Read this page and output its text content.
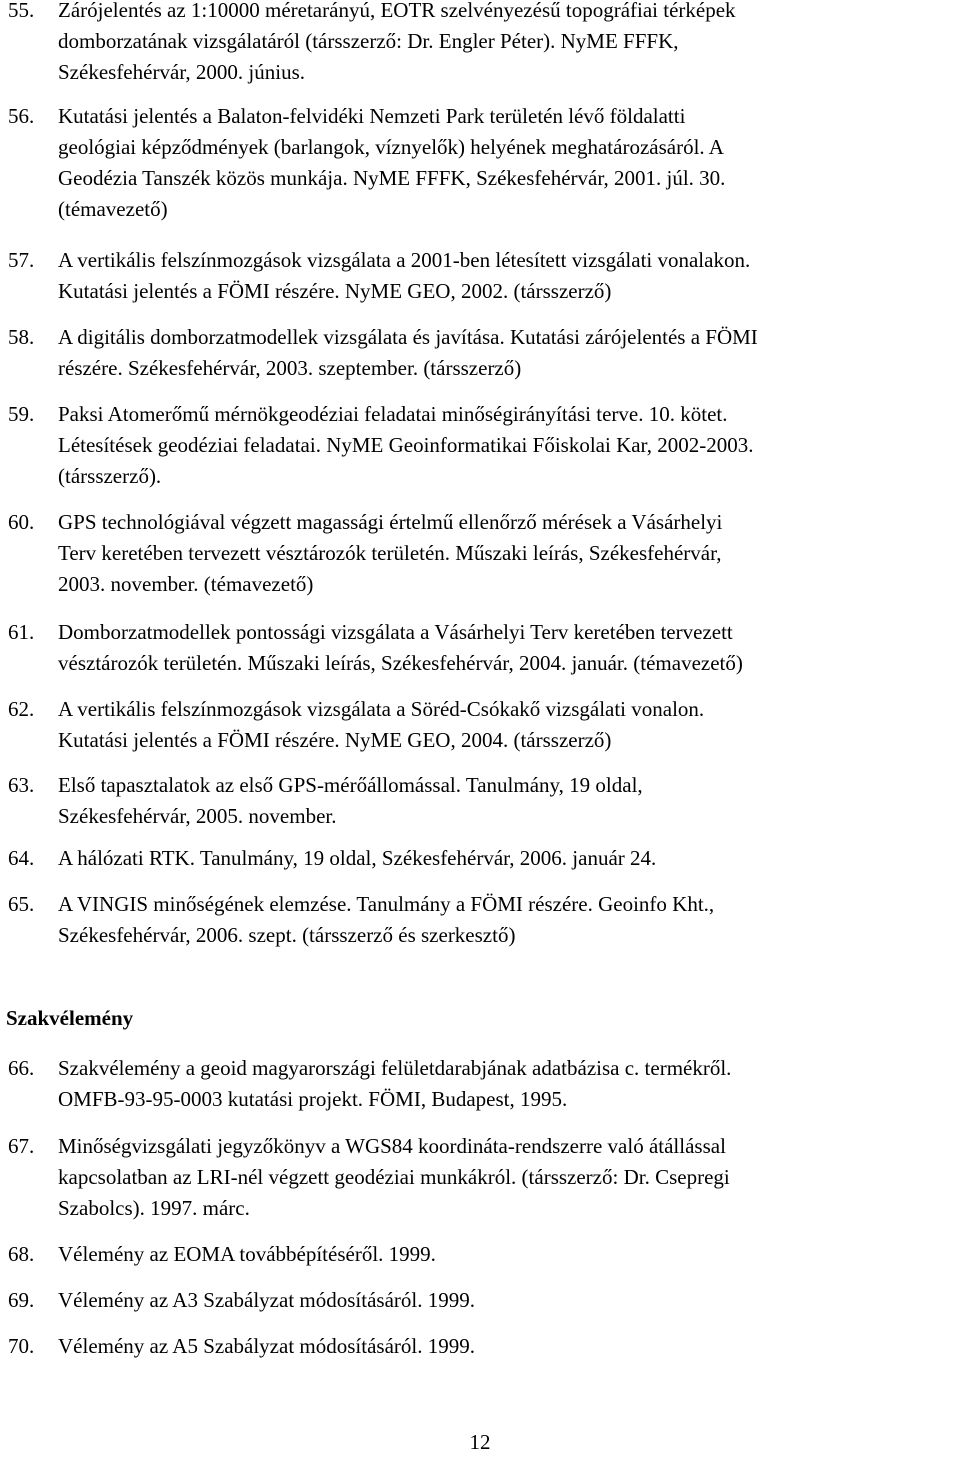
55. Zárójelentés az 1:10000 méretarányú, EOTR szelvényezésű topográfiai térképek
domborzatának vizsgálatáról (társszerző: Dr. Engler Péter). NyME FFFK,
Székesfehérvár, 2000. június.
56. Kutatási jelentés a Balaton-felvidéki Nemzeti Park területén lévő földalatti
geológiai képződmények (barlangok, víznyelők) helyének meghatározásáról. A
Geodézia Tanszék közös munkája. NyME FFFK, Székesfehérvár, 2001. júl. 30.
(témavezető)
57. A vertikális felszínmozgások vizsgálata a 2001-ben létesített vizsgálati vonalakon.
Kutatási jelentés a FÖMI részére. NyME GEO, 2002. (társszerző)
58. A digitális domborzatmodellek vizsgálata és javítása. Kutatási zárójelentés a FÖMI
részére. Székesfehérvár, 2003. szeptember. (társszerző)
59. Paksi Atomerőmű mérnökgeodéziai feladatai minőségirányítási terve. 10. kötet.
Létesítések geodéziai feladatai. NyME Geoinformatikai Főiskolai Kar, 2002-2003.
(társszerző).
60. GPS technológiával végzett magassági értelmű ellenőrző mérések a Vásárhelyi
Terv keretében tervezett vésztározók területén. Műszaki leírás, Székesfehérvár,
2003. november. (témavezető)
61. Domborzatmodellek pontossági vizsgálata a Vásárhelyi Terv keretében tervezett
vésztározók területén. Műszaki leírás, Székesfehérvár, 2004. január. (témavezető)
62. A vertikális felszínmozgások vizsgálata a Söréd-Csókakő vizsgálati vonalon.
Kutatási jelentés a FÖMI részére. NyME GEO, 2004. (társszerző)
63. Első tapasztalatok az első GPS-mérőállomással. Tanulmány, 19 oldal,
Székesfehérvár, 2005. november.
64. A hálózati RTK. Tanulmány, 19 oldal, Székesfehérvár, 2006. január 24.
65. A VINGIS minőségének elemzése. Tanulmány a FÖMI részére. Geoinfo Kht.,
Székesfehérvár, 2006. szept. (társszerző és szerkesztő)
Szakvélemény
66. Szakvélemény a geoid magyarországi felületdarabjának adatbázisa c. termékről.
OMFB-93-95-0003 kutatási projekt. FÖMI, Budapest, 1995.
67. Minőségvizsgálati jegyzőkönyv a WGS84 koordináta-rendszerre való átállással
kapcsolatban az LRI-nél végzett geodéziai munkákról. (társszerző: Dr. Csepregi
Szabolcs). 1997. márc.
68. Vélemény az EOMA továbbépítéséről. 1999.
69. Vélemény az A3 Szabályzat módosításáról. 1999.
70. Vélemény az A5 Szabályzat módosításáról. 1999.
12
